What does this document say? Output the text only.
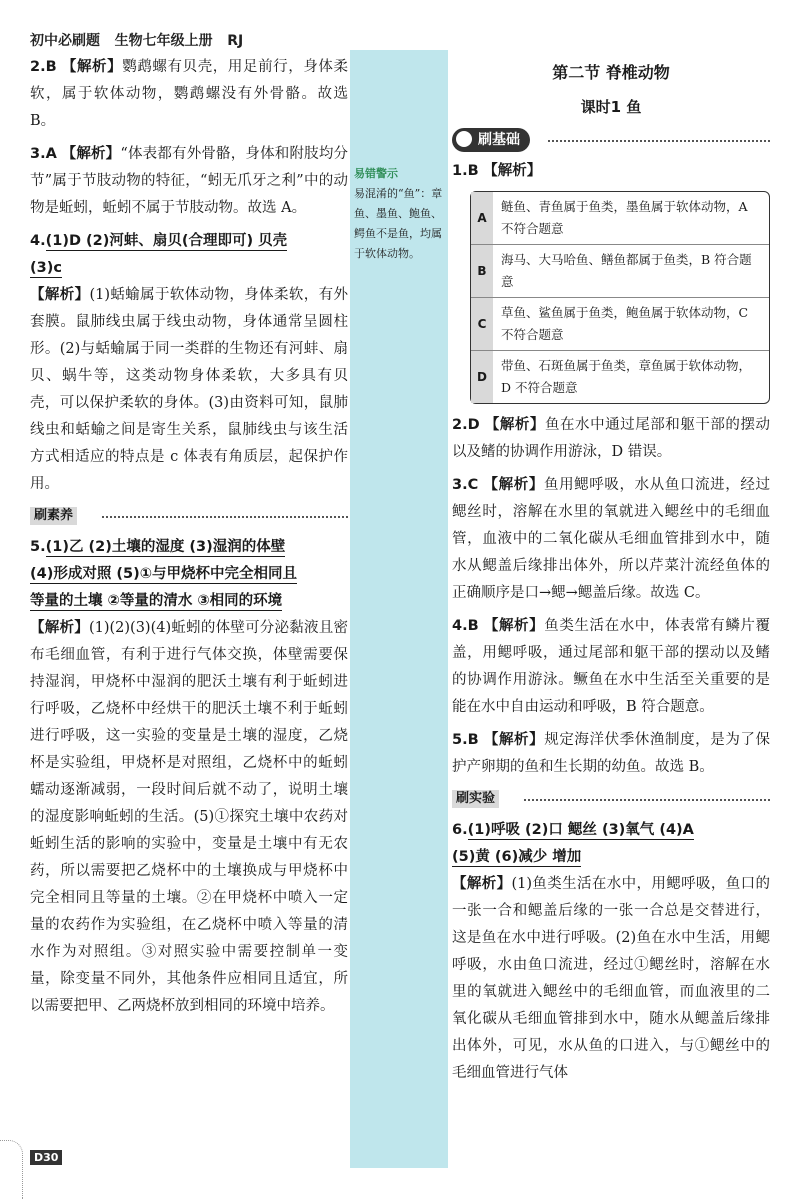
初中必刷题 生物七年级上册 RJ
易错警示
易混淆的“鱼”：章鱼、墨鱼、鲍鱼、鳄鱼不是鱼，均属于软体动物。

2.B 【解析】鹦鹉螺有贝壳，用足前行，身体柔软，属于软体动物，鹦鹉螺没有外骨骼。故选 B。

3.A 【解析】“体表都有外骨骼，身体和附肢均分节”属于节肢动物的特征，“蚓无爪牙之利”中的动物是蚯蚓，蚯蚓不属于节肢动物。故选 A。

4.(1)D (2)河蚌、扇贝(合理即可) 贝壳
(3)c
【解析】(1)蛞蝓属于软体动物，身体柔软，有外套膜。鼠肺线虫属于线虫动物，身体通常呈圆柱形。(2)与蛞蝓属于同一类群的生物还有河蚌、扇贝、蜗牛等，这类动物身体柔软，大多具有贝壳，可以保护柔软的身体。(3)由资料可知，鼠肺线虫和蛞蝓之间是寄生关系，鼠肺线虫与该生活方式相适应的特点是 c 体表有角质层，起保护作用。

刷素养

5.(1)乙 (2)土壤的湿度 (3)湿润的体壁
(4)形成对照 (5)①与甲烧杯中完全相同且
等量的土壤 ②等量的清水 ③相同的环境
【解析】(1)(2)(3)(4)蚯蚓的体壁可分泌黏液且密布毛细血管，有利于进行气体交换，体壁需要保持湿润，甲烧杯中湿润的肥沃土壤有利于蚯蚓进行呼吸，乙烧杯中经烘干的肥沃土壤不利于蚯蚓进行呼吸，这一实验的变量是土壤的湿度，乙烧杯是实验组，甲烧杯是对照组，乙烧杯中的蚯蚓蠕动逐渐减弱，一段时间后就不动了，说明土壤的湿度影响蚯蚓的生活。(5)①探究土壤中农药对蚯蚓生活的影响的实验中，变量是土壤中有无农药，所以需要把乙烧杯中的土壤换成与甲烧杯中完全相同且等量的土壤。②在甲烧杯中喷入一定量的农药作为实验组，在乙烧杯中喷入等量的清水作为对照组。③对照实验中需要控制单一变量，除变量不同外，其他条件应相同且适宜，所以需要把甲、乙两烧杯放到相同的环境中培养。

第二节 脊椎动物
课时1 鱼
刷基础

1.B 【解析】

A
鲢鱼、青鱼属于鱼类，墨鱼属于软体动物，A 不符合题意
B
海马、大马哈鱼、鳝鱼都属于鱼类，B 符合题意
C
草鱼、鲨鱼属于鱼类，鲍鱼属于软体动物，C 不符合题意
D
带鱼、石斑鱼属于鱼类，章鱼属于软体动物，D 不符合题意

2.D 【解析】鱼在水中通过尾部和躯干部的摆动以及鳍的协调作用游泳，D 错误。

3.C 【解析】鱼用鳃呼吸，水从鱼口流进，经过鳃丝时，溶解在水里的氧就进入鳃丝中的毛细血管，血液中的二氧化碳从毛细血管排到水中，随水从鳃盖后缘排出体外，所以芹菜汁流经鱼体的正确顺序是口→鳃→鳃盖后缘。故选 C。

4.B 【解析】鱼类生活在水中，体表常有鳞片覆盖，用鳃呼吸，通过尾部和躯干部的摆动以及鳍的协调作用游泳。鳜鱼在水中生活至关重要的是能在水中自由运动和呼吸，B 符合题意。

5.B 【解析】规定海洋伏季休渔制度，是为了保护产卵期的鱼和生长期的幼鱼。故选 B。

刷实验

6.(1)呼吸 (2)口 鳃丝 (3)氧气 (4)A
(5)黄 (6)减少 增加
【解析】(1)鱼类生活在水中，用鳃呼吸，鱼口的一张一合和鳃盖后缘的一张一合总是交替进行，这是鱼在水中进行呼吸。(2)鱼在水中生活，用鳃呼吸，水由鱼口流进，经过①鳃丝时，溶解在水里的氧就进入鳃丝中的毛细血管，而血液里的二氧化碳从毛细血管排到水中，随水从鳃盖后缘排出体外，可见，水从鱼的口进入，与①鳃丝中的毛细血管进行气体

D30
